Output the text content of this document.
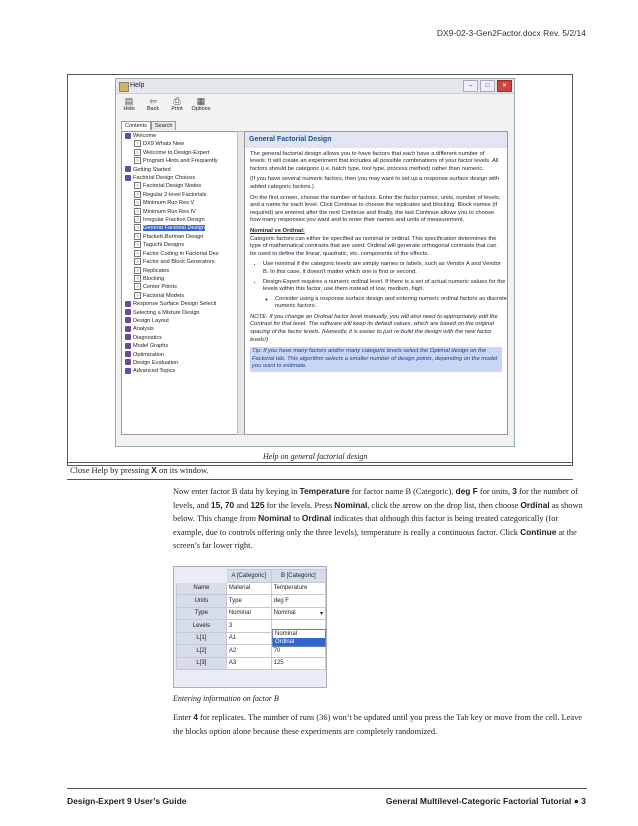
DX9-02-3-Gen2Factor.docx Rev. 5/2/14
Help	–	□	✕
▤
Hide
⇦
Back
⎙
Print
▦
Options
Contents	Search
Welcome
? DX9 Whats New
? Welcome to Design-Expert
? Program Hints and Frequently
Getting Started
Factorial Design Choices
? Factorial Design Nodes
? Regular 2-level Factorials
? Minimum Run Res V
? Minimum Run Res IV
? Irregular Fraction Design
? General Factorial Design
? Plackett-Burman Design
? Taguchi Designs
? Factor Coding in Factorial Des
? Factor and Block Generators
? Replicates
? Blocking
? Center Points
? Factorial Models
Response Surface Design Selecti
Selecting a Mixture Design
Design Layout
Analysis
Diagnostics
Model Graphs
Optimization
Design Evaluation
Advanced Topics
General Factorial Design

The general factorial design allows you to have factors that each have a different number of levels. It will create an experiment that includes all possible combinations of your factor levels. All factors should be categoric (i.e. batch type, tool type, process method) rather than numeric.

(If you have several numeric factors, then you may want to set up a response surface design with added categoric factors.)

On the first screen, choose the number of factors. Enter the factor names, units, number of levels, and a name for each level. Click Continue to choose the replicates and blocking. Block names (if required) are entered after the next Continue and finally, the last Continue allows you to choose how many responses you want and to enter their names and units of measurement.

Nominal vs Ordinal:

Categoric factors can either be specified as nominal or ordinal. This specification determines the type of mathematical contrasts that are used. Ordinal will generate orthogonal contrasts that can be used to define the linear, quadratic, etc. components of the effects.

• Use nominal if the categoric levels are simply names or labels, such as Vendor A and Vendor B. In this case, it doesn't matter which one is first or second.
• Design-Expert requires a numeric ordinal level. If there is a set of actual numeric values for the levels within this factor, use them instead of low, medium, high.
◦ Consider using a response surface design and entering numeric ordinal factors as discrete numeric factors.

NOTE: If you change an Ordinal factor level manually, you will also need to appropriately edit the Contrast for that level. The software will keep its default values, which are based on the original spacing of the factor levels. (Honestly, it is easier to just re-build the design with the new factor levels!)

Tip: If you have many factors and/or many categoric levels select the Optimal design on the Factorial tab. This algorithm selects a smaller number of design points, depending on the model you want to estimate.
Help on general factorial design
Close Help by pressing X on its window.
Now enter factor B data by keying in Temperature for factor name B (Categoric), deg F for units, 3 for the number of levels, and 15, 70 and 125 for the levels. Press Nominal, click the arrow on the drop list, then choose Ordinal as shown below. This change from Nominal to Ordinal indicates that although this factor is being treated categorically (for example, due to controls offering only the three levels), temperature is really a continuous factor. Click Continue at the screen’s far lower right.
	A [Categoric]	B [Categoric]
Name	Material	Temperature
Units	Type	deg F
Type	Nominal	Nominal ▾

Levels	3	
L[1]	A1	
L[2]	A2	70
L[3]	A3	125
Nominal
Ordinal
Entering information on factor B
Enter 4 for replicates. The number of runs (36) won’t be updated until you press the Tab key or move from the cell. Leave the blocks option alone because these experiments are completely randomized.
Design-Expert 9 User’s Guide	General Multilevel-Categoric Factorial Tutorial ● 3
